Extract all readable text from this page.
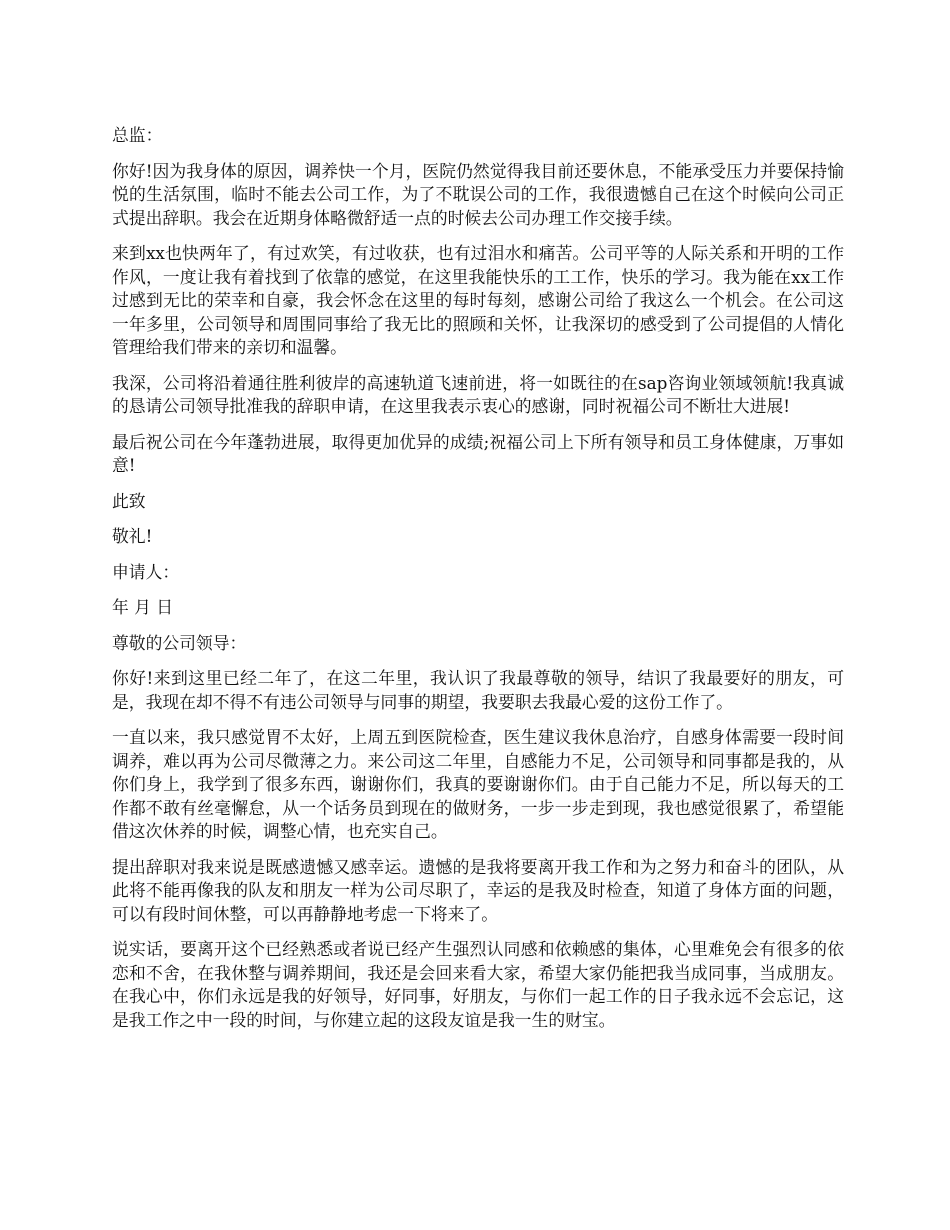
总监：

你好!因为我身体的原因，调养快一个月，医院仍然觉得我目前还要休息，不能承受压力并要保持愉悦的生活氛围，临时不能去公司工作，为了不耽误公司的工作，我很遗憾自己在这个时候向公司正式提出辞职。我会在近期身体略微舒适一点的时候去公司办理工作交接手续。

来到xx也快两年了，有过欢笑，有过收获，也有过泪水和痛苦。公司平等的人际关系和开明的工作作风，一度让我有着找到了依靠的感觉，在这里我能快乐的工工作，快乐的学习。我为能在xx工作过感到无比的荣幸和自豪，我会怀念在这里的每时每刻，感谢公司给了我这么一个机会。在公司这一年多里，公司领导和周围同事给了我无比的照顾和关怀，让我深切的感受到了公司提倡的人情化管理给我们带来的亲切和温馨。

我深，公司将沿着通往胜利彼岸的高速轨道飞速前进，将一如既往的在sap咨询业领域领航!我真诚的恳请公司领导批准我的辞职申请，在这里我表示衷心的感谢，同时祝福公司不断壮大进展!

最后祝公司在今年蓬勃进展，取得更加优异的成绩;祝福公司上下所有领导和员工身体健康，万事如意!

此致

敬礼!

申请人：

年 月 日

尊敬的公司领导：

你好!来到这里已经二年了，在这二年里，我认识了我最尊敬的领导，结识了我最要好的朋友，可是，我现在却不得不有违公司领导与同事的期望，我要职去我最心爱的这份工作了。

一直以来，我只感觉胃不太好，上周五到医院检查，医生建议我休息治疗，自感身体需要一段时间调养，难以再为公司尽微薄之力。来公司这二年里，自感能力不足，公司领导和同事都是我的，从你们身上，我学到了很多东西，谢谢你们，我真的要谢谢你们。由于自己能力不足，所以每天的工作都不敢有丝毫懈怠，从一个话务员到现在的做财务，一步一步走到现，我也感觉很累了，希望能借这次休养的时候，调整心情，也充实自己。

提出辞职对我来说是既感遗憾又感幸运。遗憾的是我将要离开我工作和为之努力和奋斗的团队，从此将不能再像我的队友和朋友一样为公司尽职了，幸运的是我及时检查，知道了身体方面的问题，可以有段时间休整，可以再静静地考虑一下将来了。

说实话，要离开这个已经熟悉或者说已经产生强烈认同感和依赖感的集体，心里难免会有很多的依恋和不舍，在我休整与调养期间，我还是会回来看大家，希望大家仍能把我当成同事，当成朋友。在我心中，你们永远是我的好领导，好同事，好朋友，与你们一起工作的日子我永远不会忘记，这是我工作之中一段的时间，与你建立起的这段友谊是我一生的财宝。
